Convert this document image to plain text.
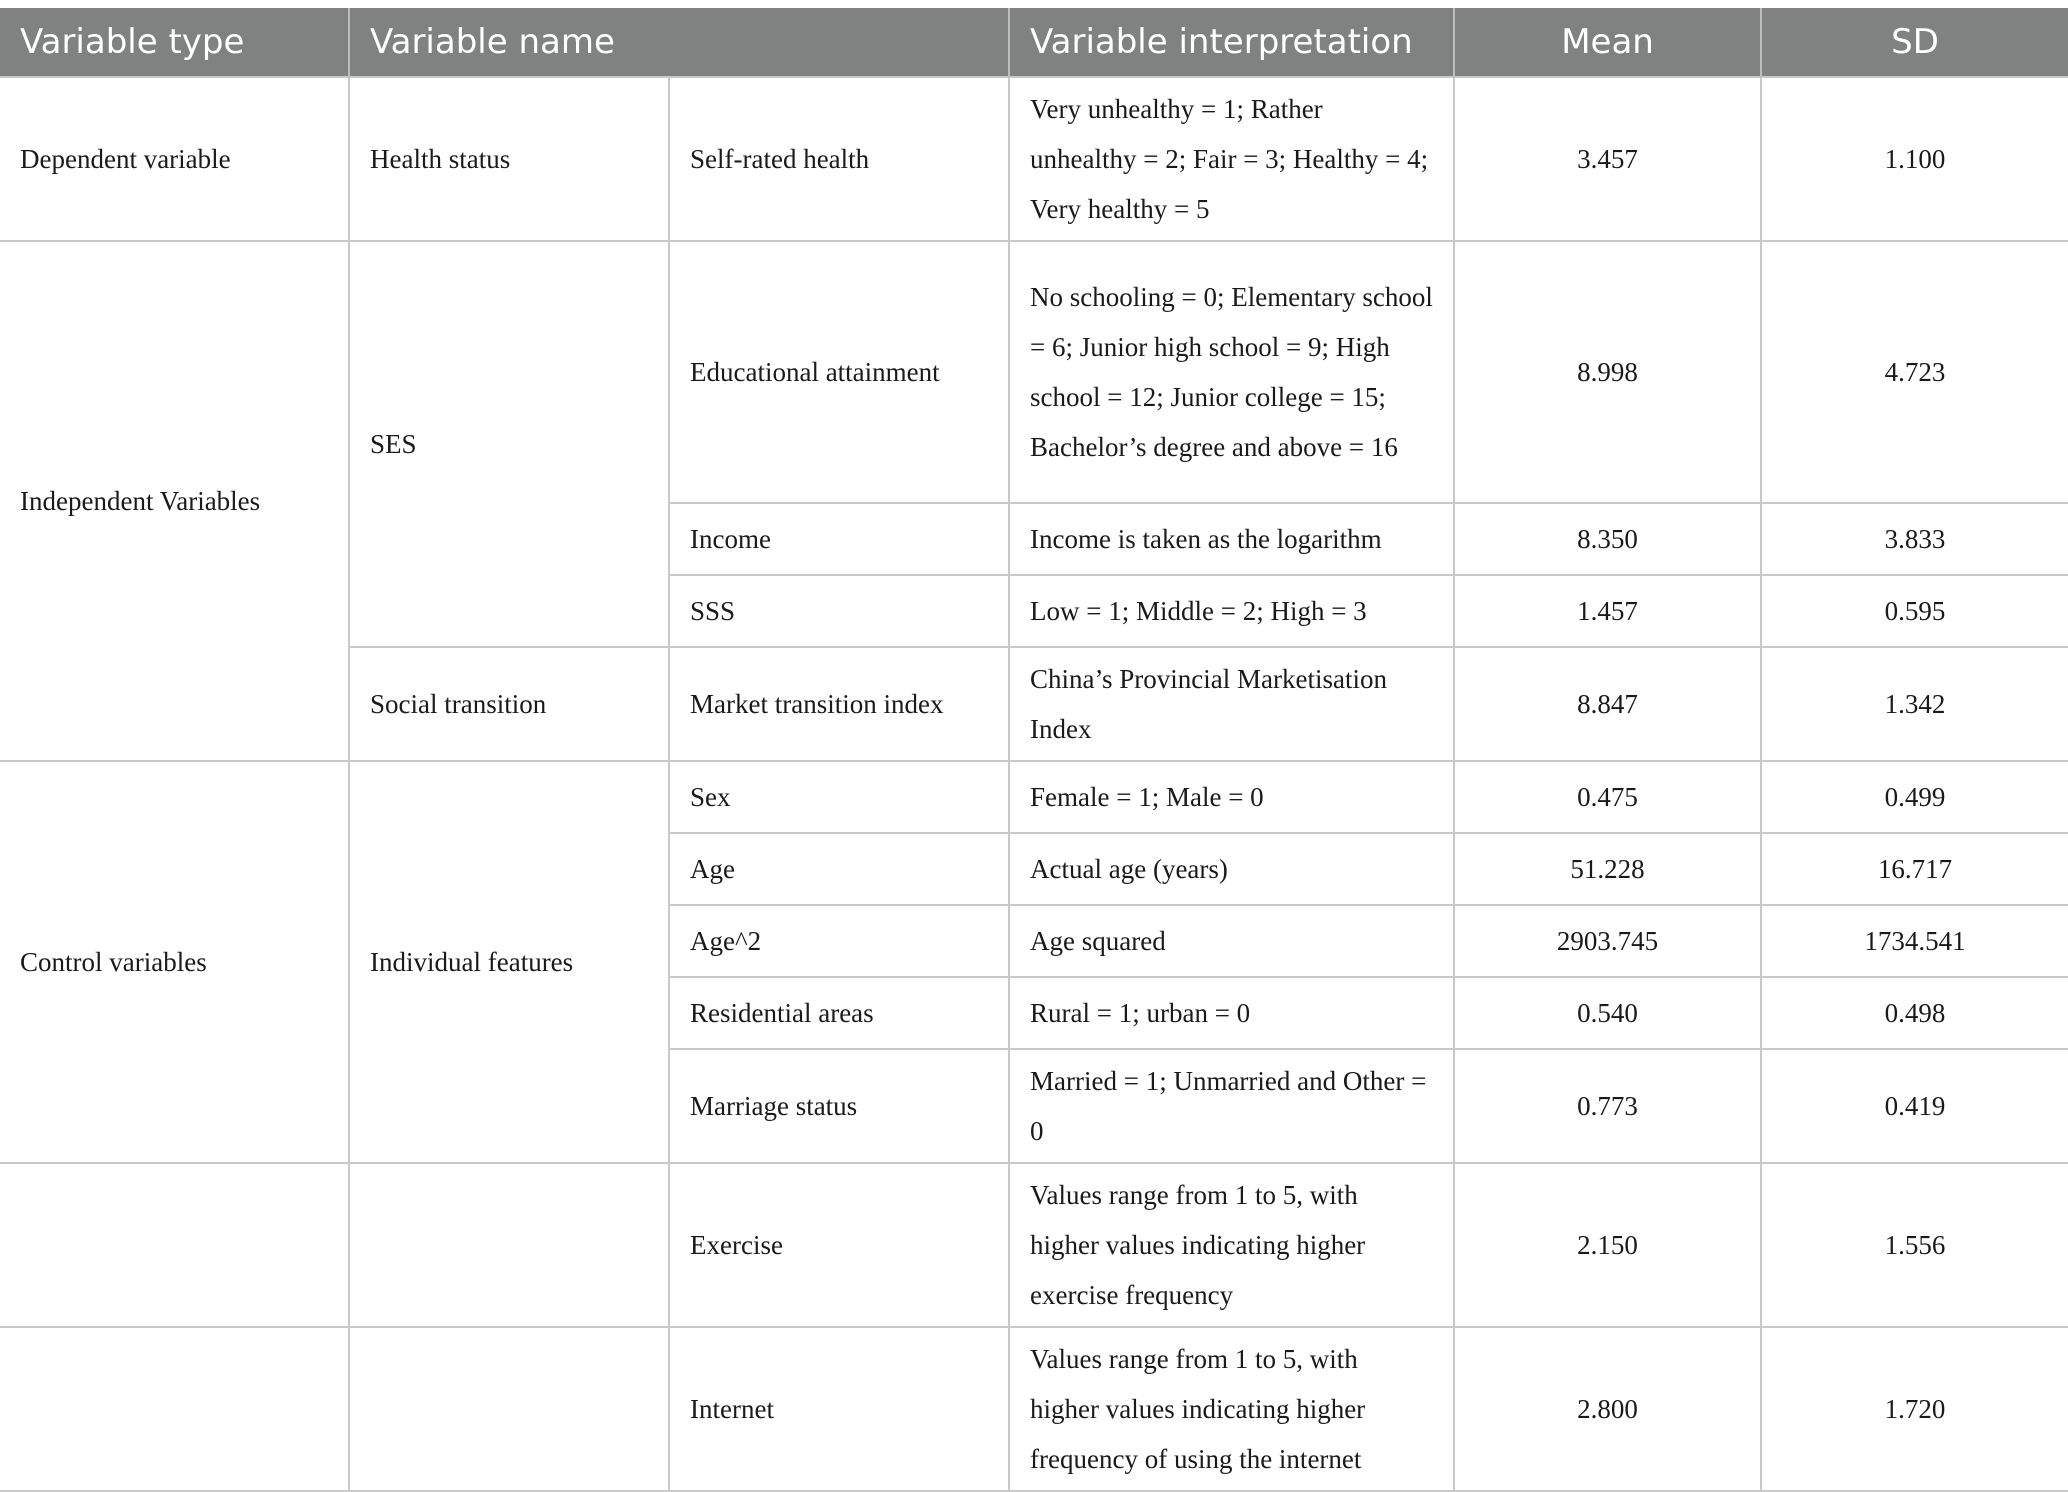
Variable type	Variable name		Variable interpretation	Mean	SD
Dependent variable	Health status	Self-rated health	Very unhealthy = 1; Rather unhealthy = 2; Fair = 3; Healthy = 4; Very healthy = 5	3.457	1.100
Independent Variables	SES	Educational attainment	No schooling = 0; Elementary school = 6; Junior high school = 9; High school = 12; Junior college = 15; Bachelor’s degree and above = 16	8.998	4.723
		Income	Income is taken as the logarithm	8.350	3.833
		SSS	Low = 1; Middle = 2; High = 3	1.457	0.595
	Social transition	Market transition index	China’s Provincial Marketisation Index	8.847	1.342
Control variables	Individual features	Sex	Female = 1; Male = 0	0.475	0.499
		Age	Actual age (years)	51.228	16.717
		Age^2	Age squared	2903.745	1734.541
		Residential areas	Rural = 1; urban = 0	0.540	0.498
		Marriage status	Married = 1; Unmarried and Other = 0	0.773	0.419
		Exercise	Values range from 1 to 5, with higher values indicating higher exercise frequency	2.150	1.556
		Internet	Values range from 1 to 5, with higher values indicating higher frequency of using the internet	2.800	1.720
